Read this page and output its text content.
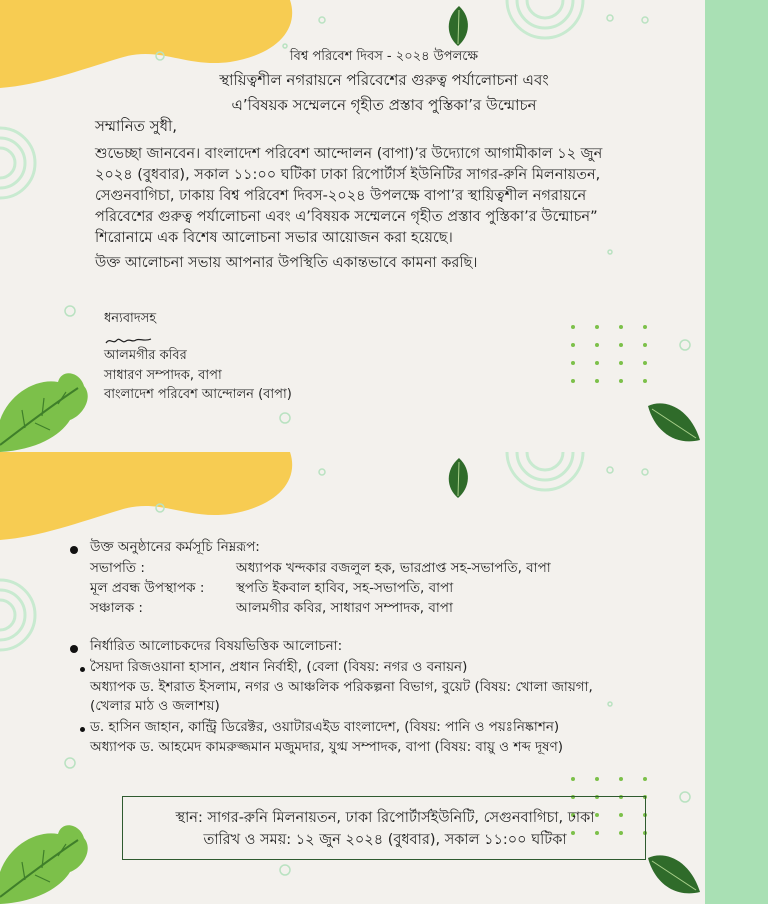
বিশ্ব পরিবেশ দিবস - ২০২৪ উপলক্ষে
স্থায়িত্বশীল নগরায়নে পরিবেশের গুরুত্ব পর্যালোচনা এবং
এ’বিষয়ক সম্মেলনে গৃহীত প্রস্তাব পুস্তিকা’র উন্মোচন
সম্মানিত সুধী,
শুভেচ্ছা জানবেন। বাংলাদেশ পরিবেশ আন্দোলন (বাপা)’র উদ্যোগে আগামীকাল ১২ জুন
২০২৪ (বুধবার), সকাল ১১:০০ ঘটিকা ঢাকা রিপোর্টার্স ইউনিটির সাগর-রুনি মিলনায়তন,
সেগুনবাগিচা, ঢাকায় বিশ্ব পরিবেশ দিবস-২০২৪ উপলক্ষে বাপা’র স্থায়িত্বশীল নগরায়নে
পরিবেশের গুরুত্ব পর্যালোচনা এবং এ’বিষয়ক সম্মেলনে গৃহীত প্রস্তাব পুস্তিকা’র উন্মোচন”
শিরোনামে এক বিশেষ আলোচনা সভার আয়োজন করা হয়েছে।
উক্ত আলোচনা সভায় আপনার উপস্থিতি একান্তভাবে কামনা করছি।
ধন্যবাদসহ
আলমগীর কবির
সাধারণ সম্পাদক, বাপা
বাংলাদেশ পরিবেশ আন্দোলন (বাপা)
উক্ত অনুষ্ঠানের কর্মসূচি নিম্নরূপ:
সভাপতি :	অধ্যাপক খন্দকার বজলুল হক, ভারপ্রাপ্ত সহ-সভাপতি, বাপা
মূল প্রবন্ধ উপস্থাপক : স্থপতি ইকবাল হাবিব, সহ-সভাপতি, বাপা
সঞ্চালক :	আলমগীর কবির, সাধারণ সম্পাদক, বাপা
নির্ধারিত আলোচকদের বিষয়ভিত্তিক আলোচনা:
সৈয়দা রিজওয়ানা হাসান, প্রধান নির্বাহী, (বেলা (বিষয়: নগর ও বনায়ন)
অধ্যাপক ড. ইশরাত ইসলাম, নগর ও আঞ্চলিক পরিকল্পনা বিভাগ, বুয়েট (বিষয়: খোলা জায়গা,
(খেলার মাঠ ও জলাশয়)
ড. হাসিন জাহান, কান্ট্রি ডিরেক্টর, ওয়াটারএইড বাংলাদেশ, (বিষয়: পানি ও পয়ঃনিষ্কাশন)
অধ্যাপক ড. আহমেদ কামরুজ্জমান মজুমদার, যুগ্ম সম্পাদক, বাপা (বিষয়: বায়ু ও শব্দ দূষণ)
স্থান: সাগর-রুনি মিলনায়তন, ঢাকা রিপোর্টার্সইউনিটি, সেগুনবাগিচা, ঢাকা
তারিখ ও সময়: ১২ জুন ২০২৪ (বুধবার), সকাল ১১:০০ ঘটিকা
